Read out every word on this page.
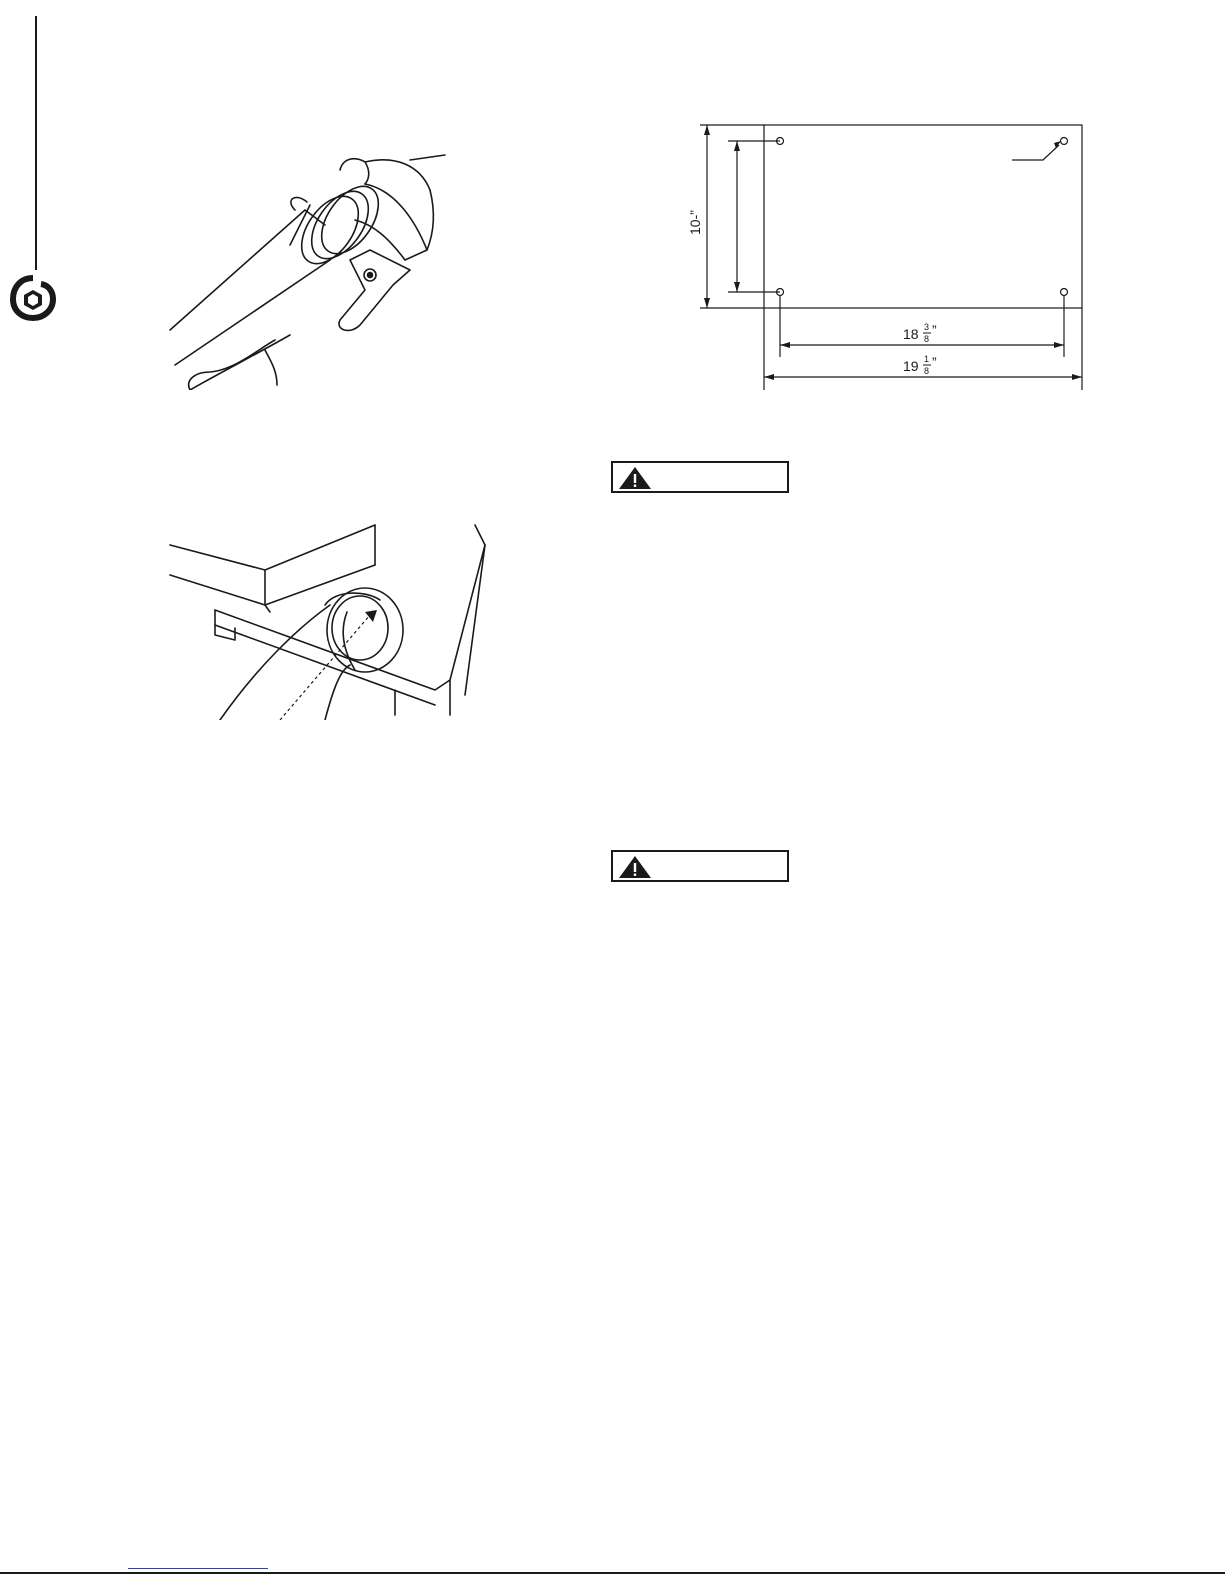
10-”
18 3
8
”
19 1
8
”
